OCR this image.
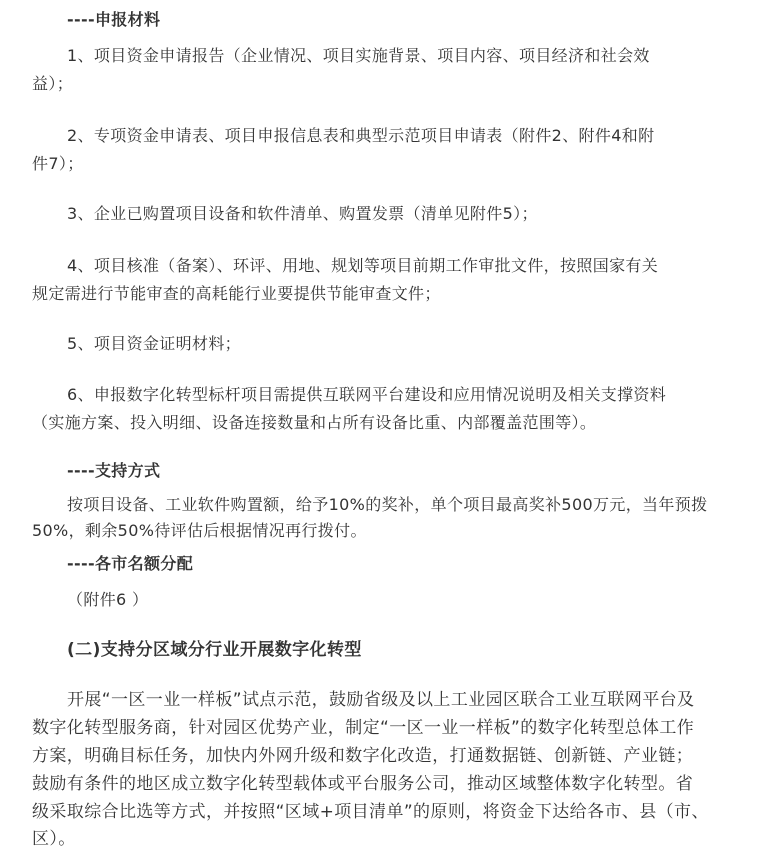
----申报材料
1、项目资金申请报告（企业情况、项目实施背景、项目内容、项目经济和社会效
益）；
2、专项资金申请表、项目申报信息表和典型示范项目申请表（附件2、附件4和附
件7）；
3、企业已购置项目设备和软件清单、购置发票（清单见附件5）；
4、项目核准（备案）、环评、用地、规划等项目前期工作审批文件，按照国家有关
规定需进行节能审查的高耗能行业要提供节能审查文件；
5、项目资金证明材料；
6、申报数字化转型标杆项目需提供互联网平台建设和应用情况说明及相关支撑资料
（实施方案、投入明细、设备连接数量和占所有设备比重、内部覆盖范围等）。
----支持方式
按项目设备、工业软件购置额，给予10%的奖补，单个项目最高奖补500万元，当年预拨
50%，剩余50%待评估后根据情况再行拨付。
----各市名额分配
（附件6 ）
(二)支持分区域分行业开展数字化转型
开展“一区一业一样板”试点示范，鼓励省级及以上工业园区联合工业互联网平台及
数字化转型服务商，针对园区优势产业，制定“一区一业一样板”的数字化转型总体工作
方案，明确目标任务，加快内外网升级和数字化改造，打通数据链、创新链、产业链；
鼓励有条件的地区成立数字化转型载体或平台服务公司，推动区域整体数字化转型。省
级采取综合比选等方式，并按照“区域+项目清单”的原则，将资金下达给各市、县（市、
区）。
